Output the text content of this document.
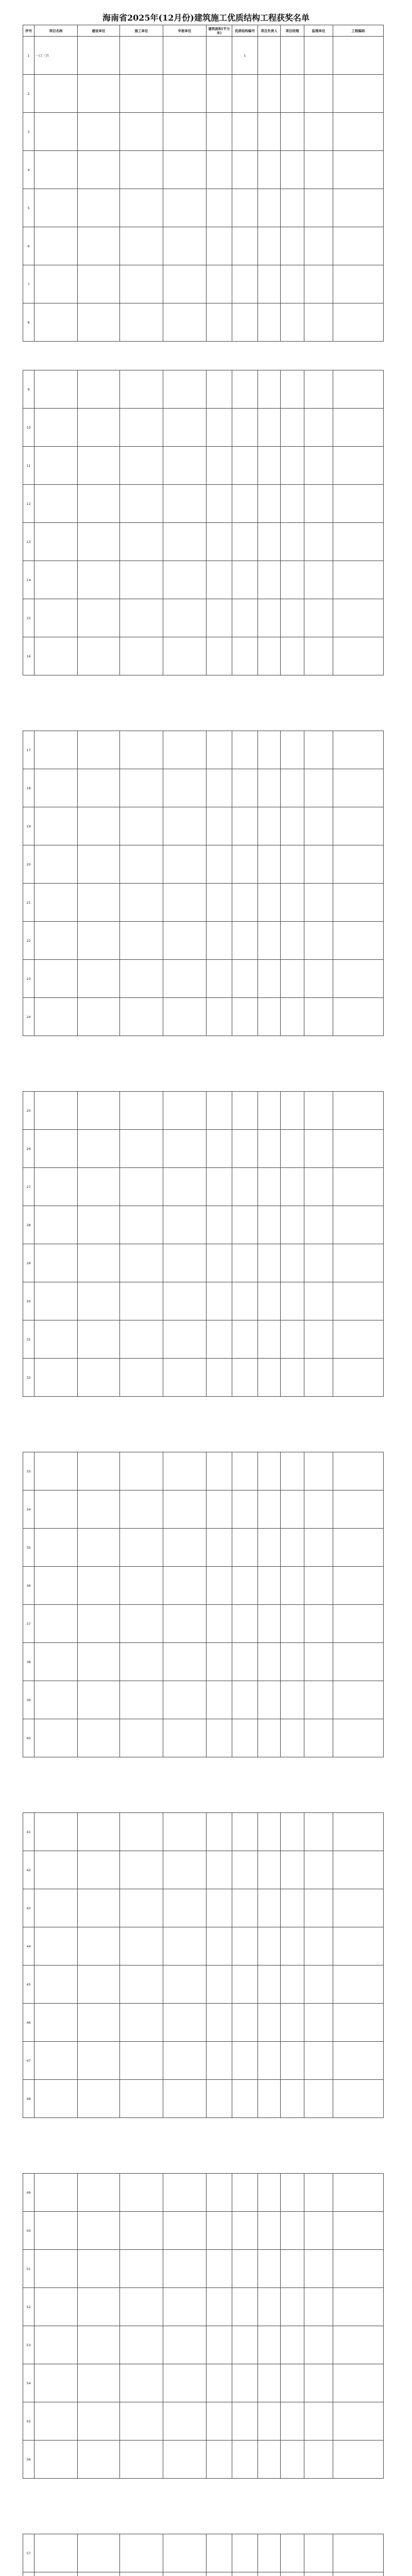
海南省2025年(12月份)建筑施工优质结构工程获奖名单
序号	项目名称	建设单位	施工单位	申报单位	建筑面积(平方米)	优质结构编号	项目负责人	项目经理	监理单位	工程编码
1	一口三宫					1				
2										
3										
4										
5										
6										
7										
8										
9										
10										
11										
12										
13										
14										
15										
16										
17										
18										
19										
20										
21										
22										
23										
24										
25										
26										
27										
28										
29										
30										
31										
32										
33										
34										
35										
36										
37										
38										
39										
40										
41										
42										
43										
44										
45										
46										
47										
48										
49										
50										
51										
52										
53										
54										
55										
56										
57										
